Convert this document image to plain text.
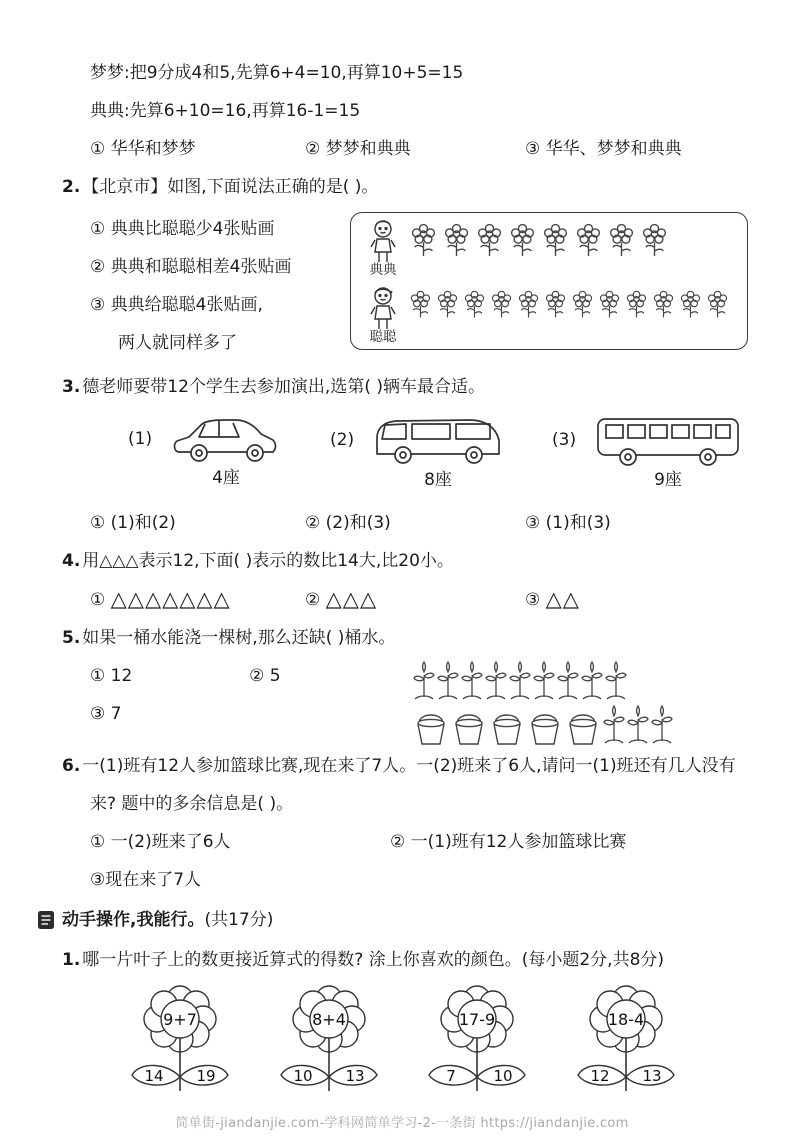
梦梦:把9分成4和5,先算6+4=10,再算10+5=15
典典:先算6+10=16,再算16-1=15
① 华华和梦梦	② 梦梦和典典	③ 华华、梦梦和典典
2. 【北京市】如图,下面说法正确的是( )。
① 典典比聪聪少4张贴画
② 典典和聪聪相差4张贴画
③ 典典给聪聪4张贴画,
两人就同样多了
典典
聪聪
3. 德老师要带12个学生去参加演出,选第( )辆车最合适。
(1)
4座
(2)
8座
(3)
9座
① (1)和(2)	② (2)和(3)	③ (1)和(3)
4. 用△△△表示12,下面( )表示的数比14大,比20小。
① △△△△△△△	② △△△	③ △△
5. 如果一桶水能浇一棵树,那么还缺( )桶水。
① 12	② 5
③ 7
6. 一(1)班有12人参加篮球比赛,现在来了7人。一(2)班来了6人,请问一(1)班还有几人没有来? 题中的多余信息是( )。
① 一(2)班来了6人	② 一(1)班有12人参加篮球比赛
③现在来了7人
动手操作,我能行。 (共17分)
1. 哪一片叶子上的数更接近算式的得数? 涂上你喜欢的颜色。(每小题2分,共8分)
9+7
14 19
8+4
10 13
17-9
7	10
18-4
12 13
简单街-jiandanjie.com-学科网简单学习-2-一条街 https://jiandanjie.com
